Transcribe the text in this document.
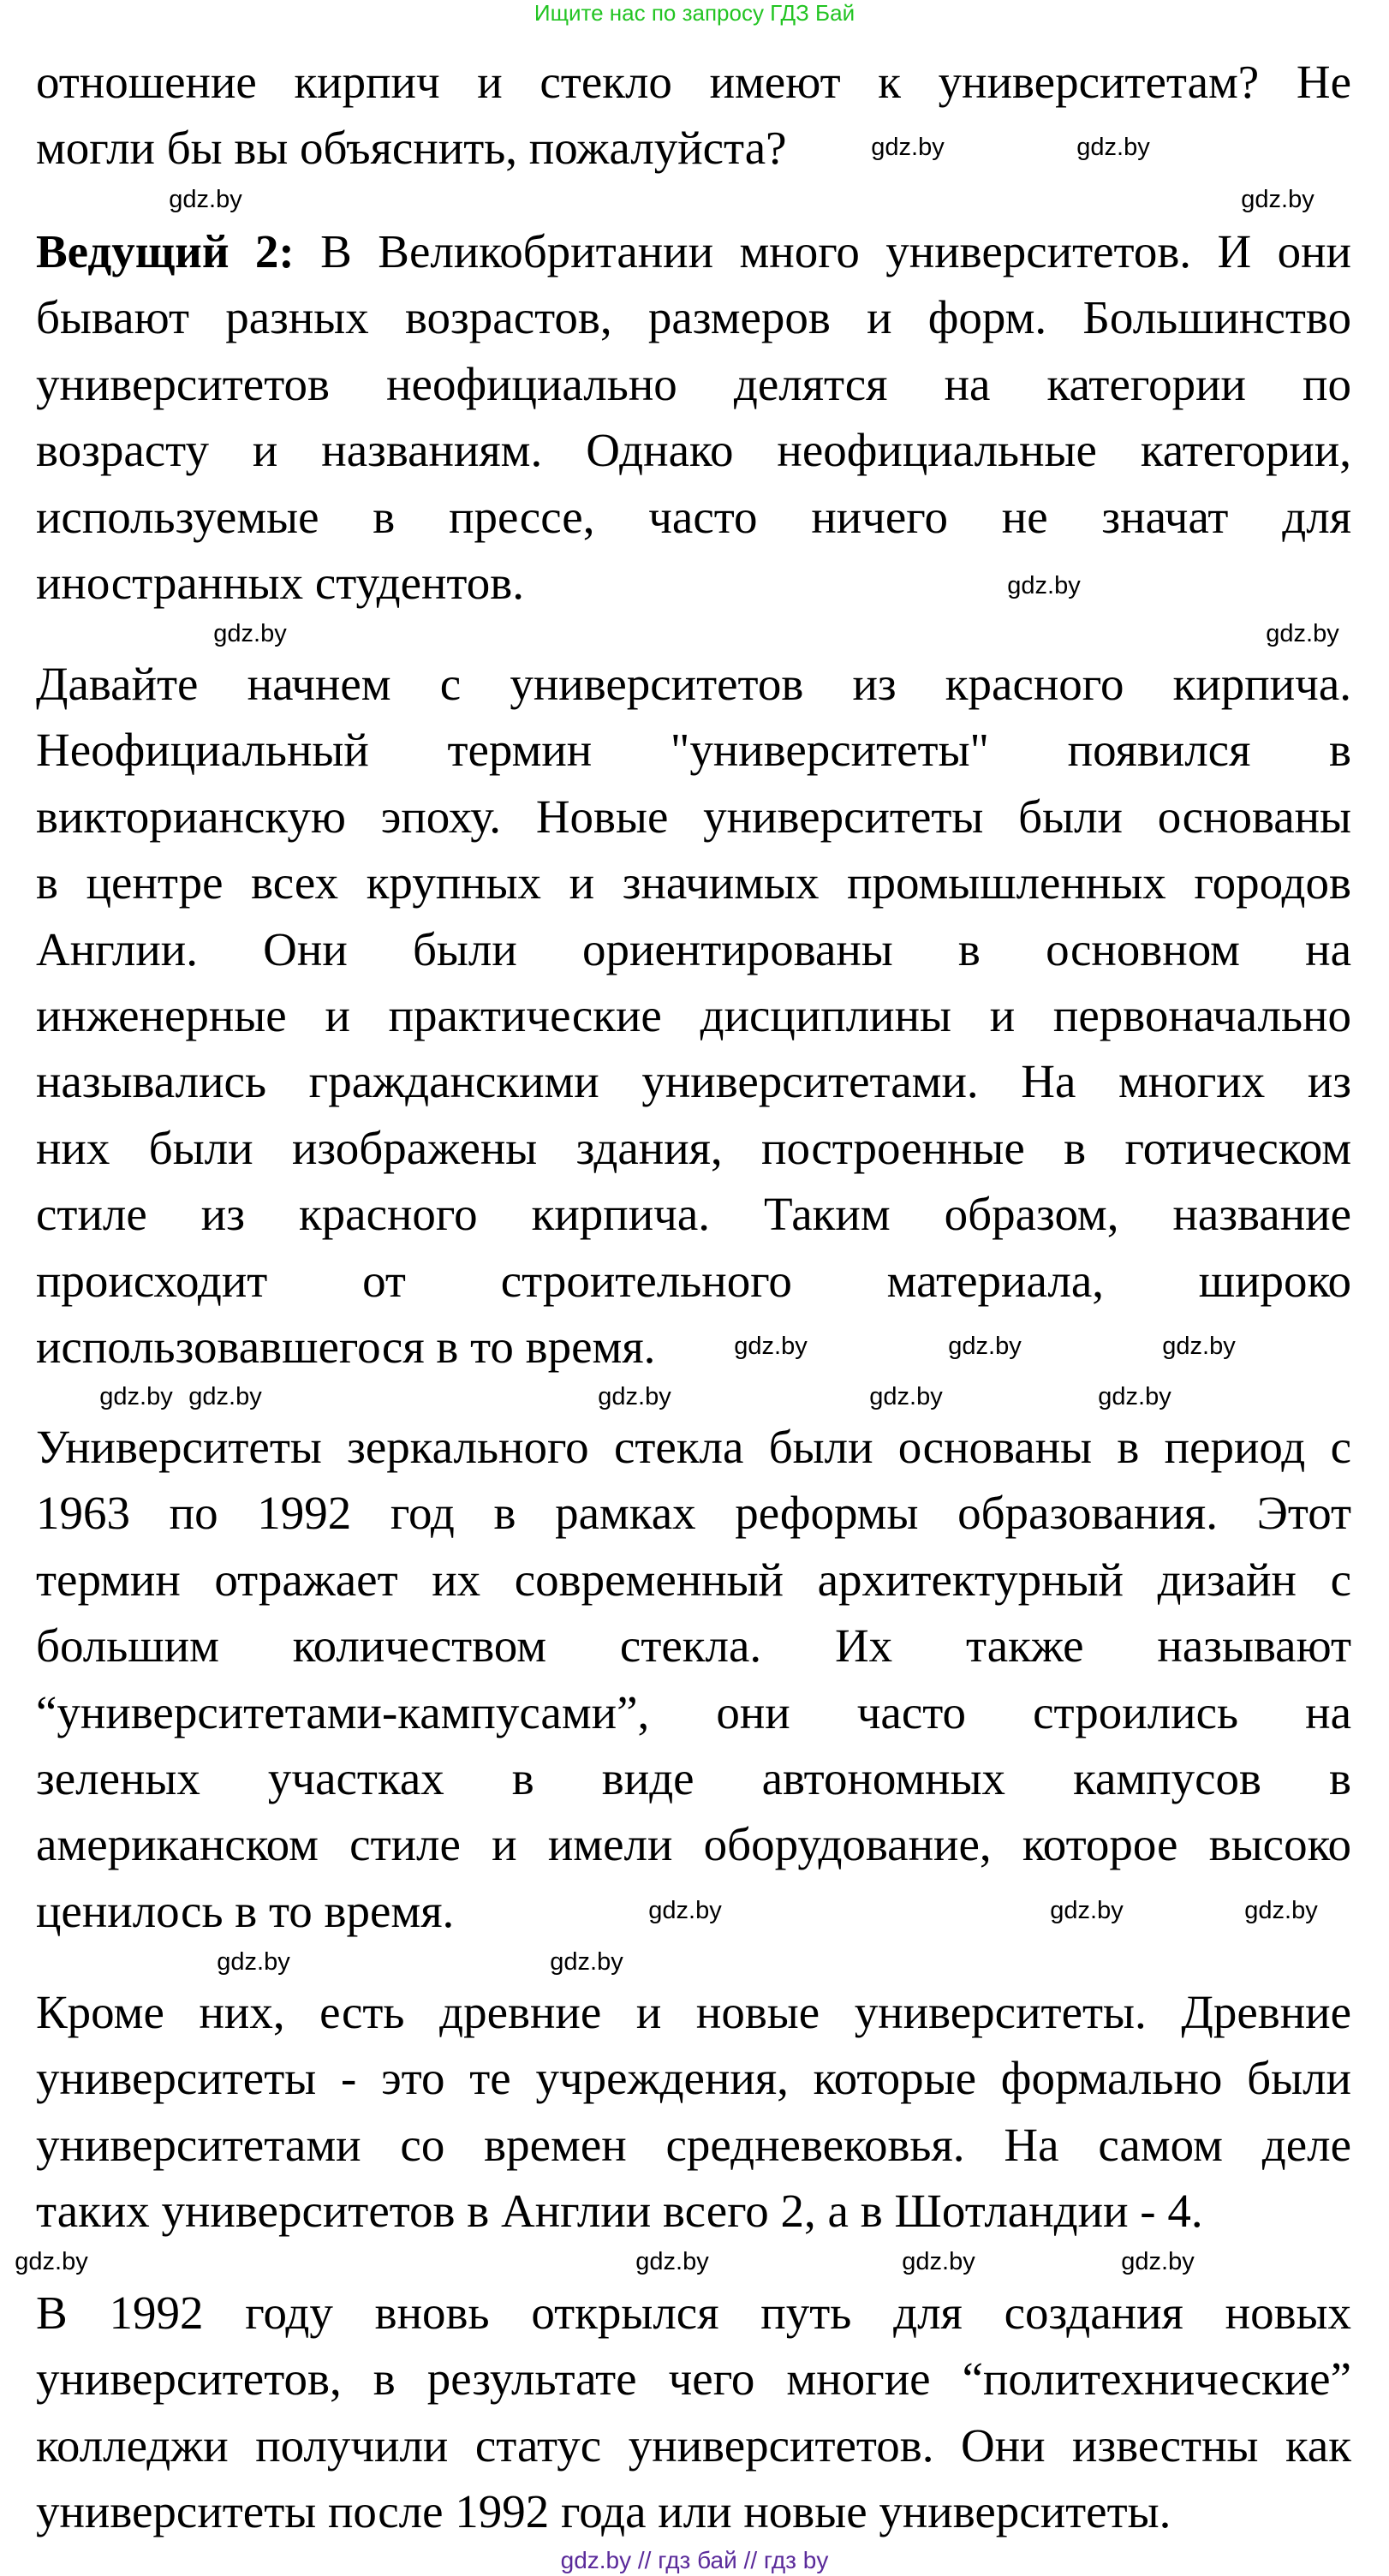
Ищите нас по запросу ГДЗ Бай
отношение кирпич и стекло имеют к университетам? Не
могли бы вы объяснить, пожалуйста?
Ведущий 2: В Великобритании много университетов. И они
бывают разных возрастов, размеров и форм. Большинство
университетов неофициально делятся на категории по
возрасту и названиям. Однако неофициальные категории,
используемые в прессе, часто ничего не значат для
иностранных студентов.
Давайте начнем с университетов из красного кирпича.
Неофициальный термин "университеты" появился в
викторианскую эпоху. Новые университеты были основаны
в центре всех крупных и значимых промышленных городов
Англии. Они были ориентированы в основном на
инженерные и практические дисциплины и первоначально
назывались гражданскими университетами. На многих из
них были изображены здания, построенные в готическом
стиле из красного кирпича. Таким образом, название
происходит от строительного материала, широко
использовавшегося в то время.
Университеты зеркального стекла были основаны в период с
1963 по 1992 год в рамках реформы образования. Этот
термин отражает их современный архитектурный дизайн с
большим количеством стекла. Их также называют
“университетами-кампусами”, они часто строились на
зеленых участках в виде автономных кампусов в
американском стиле и имели оборудование, которое высоко
ценилось в то время.
Кроме них, есть древние и новые университеты. Древние
университеты - это те учреждения, которые формально были
университетами со времен средневековья. На самом деле
таких университетов в Англии всего 2, а в Шотландии - 4.
В 1992 году вновь открылся путь для создания новых
университетов, в результате чего многие “политехнические”
колледжи получили статус университетов. Они известны как
университеты после 1992 года или новые университеты.
gdz.by
gdz.by
gdz.by	gdz.by
gdz.by
gdz.by	gdz.by
gdz.by	gdz.by	gdz.by
gdz.by gdz.by	gdz.by	gdz.by	gdz.by
gdz.by	gdz.by	gdz.by
gdz.by	gdz.by
gdz.by	gdz.by	gdz.by	gdz.by
gdz.by // гдз бай // гдз by
